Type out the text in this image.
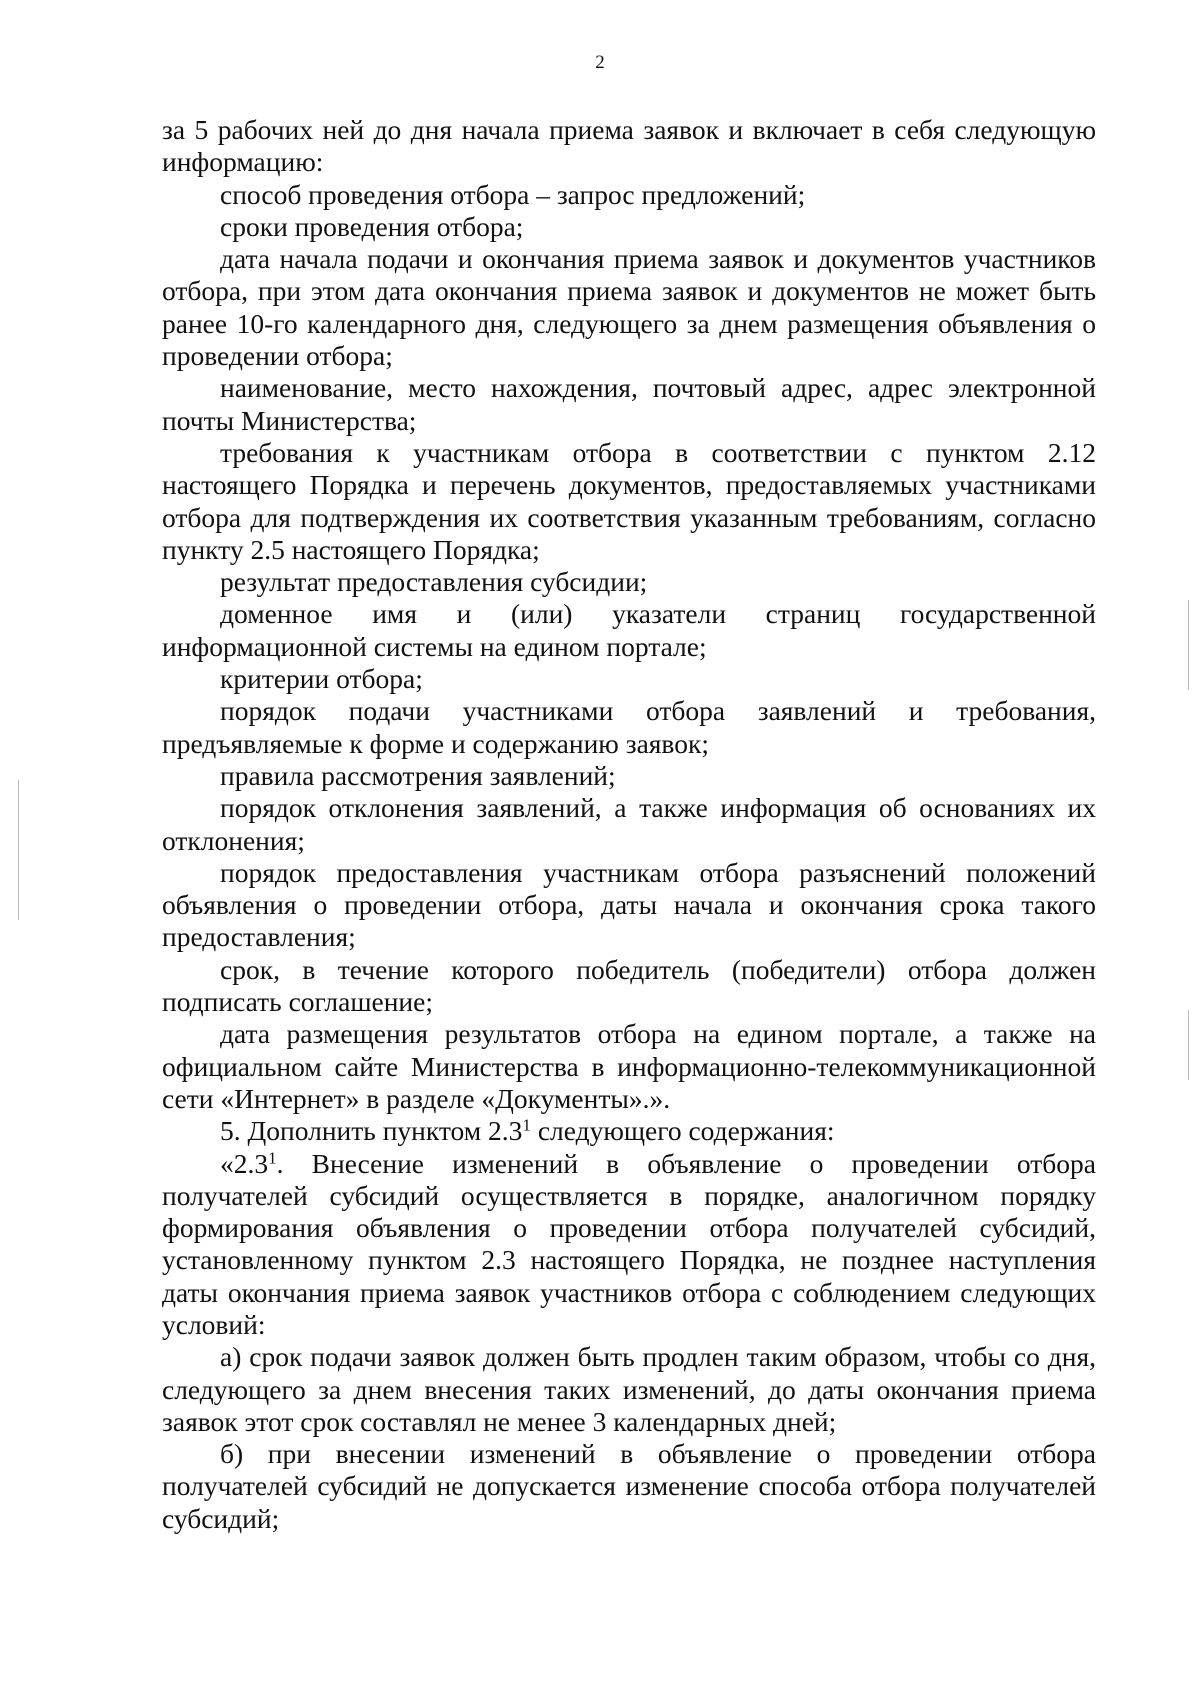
2

за 5 рабочих ней до дня начала приема заявок и включает в себя следующую информацию:

способ проведения отбора – запрос предложений;

сроки проведения отбора;

дата начала подачи и окончания приема заявок и документов участников отбора, при этом дата окончания приема заявок и документов не может быть ранее 10-го календарного дня, следующего за днем размещения объявления о проведении отбора;

наименование, место нахождения, почтовый адрес, адрес электронной почты Министерства;

требования к участникам отбора в соответствии с пунктом 2.12 настоящего Порядка и перечень документов, предоставляемых участниками отбора для подтверждения их соответствия указанным требованиям, согласно пункту 2.5 настоящего Порядка;

результат предоставления субсидии;

доменное имя и (или) указатели страниц государственной информационной системы на едином портале;

критерии отбора;

порядок подачи участниками отбора заявлений и требования, предъявляемые к форме и содержанию заявок;

правила рассмотрения заявлений;

порядок отклонения заявлений, а также информация об основаниях их отклонения;

порядок предоставления участникам отбора разъяснений положений объявления о проведении отбора, даты начала и окончания срока такого предоставления;

срок, в течение которого победитель (победители) отбора должен подписать соглашение;

дата размещения результатов отбора на едином портале, а также на официальном сайте Министерства в информационно-телекоммуникационной сети «Интернет» в разделе «Документы».».

5. Дополнить пунктом $2.3^1$ следующего содержания:

«$2.3^1$. Внесение изменений в объявление о проведении отбора получателей субсидий осуществляется в порядке, аналогичном порядку формирования объявления о проведении отбора получателей субсидий, установленному пунктом 2.3 настоящего Порядка, не позднее наступления даты окончания приема заявок участников отбора с соблюдением следующих условий:

а) срок подачи заявок должен быть продлен таким образом, чтобы со дня, следующего за днем внесения таких изменений, до даты окончания приема заявок этот срок составлял не менее 3 календарных дней;

б) при внесении изменений в объявление о проведении отбора получателей субсидий не допускается изменение способа отбора получателей субсидий;
